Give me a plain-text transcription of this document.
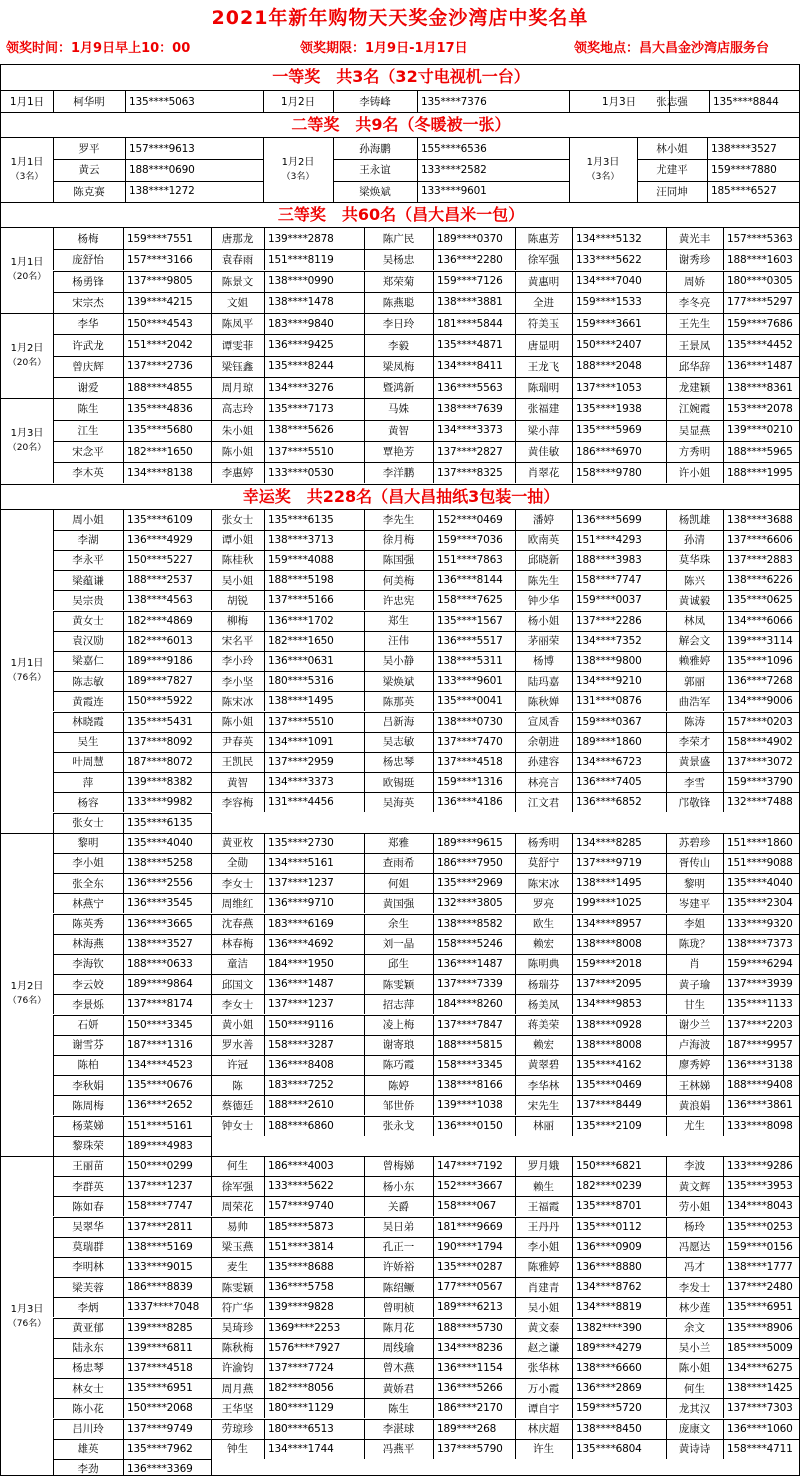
2021年新年购物天天奖金沙湾店中奖名单
领奖时间：1月9日早上10：00	领奖期限：1月9日-1月17日	领奖地点：昌大昌金沙湾店服务台
一等奖　共3名（32寸电视机一台）
1月1日	柯华明	135****5063	1月2日	李铸峰	135****7376	1月3日	张志强	135****8844
二等奖　共9名（冬暖被一张）
1月1日
（3名）
罗平	157****9613
黄云	188****0690
陈克赛	138****1272
1月2日
（3名）
孙海鹏	155****6536
王永谊	133****2582
梁焕斌	133****9601
1月3日
（3名）
林小姐	138****3527
尤建平	159****7880
汪同坤	185****6527
三等奖　共60名（昌大昌米一包）
1月1日
（20名）
杨梅	159****7551	唐那龙	139****2878	陈广民	189****0370	陈惠芳	134****5132	黄光丰	157****5363
庞舒怡	157****3166	袁春雨	151****8119	吴杨忠	136****2280	徐军强	133****5622	谢秀珍	188****1603
杨勇锋	137****9805	陈景文	138****0990	郑荣菊	159****7126	黄惠明	134****7040	周娇	180****0305
宋宗杰	139****4215	文姐	138****1478	陈燕聪	138****3881	全进	159****1533	李冬亮	177****5297
1月2日
（20名）
李华	150****4543	陈凤平	183****9840	李日玲	181****5844	符美玉	159****3661	王先生	159****7686
许武龙	151****2042	谭雯菲	136****9425	李毅	135****4871	唐显明	150****2407	王景凤	135****4452
曾庆辉	137****2736	梁钰鑫	135****8244	梁凤梅	134****8411	王龙飞	188****2048	邱华辞	136****1487
谢爱	188****4855	周月琼	134****3276	暨鸿新	136****5563	陈瑞明	137****1053	龙建颖	138****8361
1月3日
（20名）
陈生	135****4836	高志玲	135****7173	马姝	138****7639	张福建	135****1938	江婉霞	153****2078
江生	135****5680	朱小姐	138****5626	黄智	134****3373	梁小萍	135****5969	吴显燕	139****0210
宋念平	182****1650	陈小姐	137****5510	覃艳芳	137****2827	黄佳敏	186****6970	方秀明	188****5965
李木英	134****8138	李惠婷	133****0530	李洋鹏	137****8325	肖翠花	158****9780	许小姐	188****1995
幸运奖　共228名（昌大昌抽纸3包装一抽）
1月1日
（76名）
周小姐	135****6109	张女士	135****6135	李先生	152****0469	潘婷	136****5699	杨凯雄	138****3688
李湖	136****4929	谭小姐	138****3713	徐月梅	159****7036	欧南英	151****4293	孙清	137****6606
李永平	150****5227	陈桂秋	159****4088	陈国强	151****7863	邱晓新	188****3983	莫华珠	137****2883
梁蕴谦	188****2537	吴小姐	188****5198	何美梅	136****8144	陈先生	158****7747	陈兴	138****6226
吴宗贵	138****4563	胡锐	137****5166	许忠宪	158****7625	钟少华	159****0037	黄诚毅	135****0625
黄女士	182****4869	柳梅	136****1702	郑生	135****1567	杨小姐	137****2286	林凤	134****6066
袁汉励	182****6013	宋名平	182****1650	汪伟	136****5517	茅丽荣	134****7352	解会文	139****3114
梁嘉仁	189****9186	李小玲	136****0631	吴小静	138****5311	杨博	138****9800	赖雅婷	135****1096
陈志敏	189****7827	李小坚	180****5316	梁焕斌	133****9601	陆玛嘉	134****9210	郭丽	136****7268
黄霞连	150****5922	陈宋冰	138****1495	陈那英	135****0041	陈秋婵	131****0876	曲浩军	134****9006
林晓霞	135****5431	陈小姐	137****5510	吕新海	138****0730	宣凤香	159****0367	陈涛	157****0203
吴生	137****8092	尹春英	134****1091	吴志敏	137****7470	余朝进	189****1860	李荣才	158****4902
叶周慧	187****8072	王凯民	137****2959	杨忠琴	137****4518	孙建容	134****6723	黄景盛	137****3072
萍	139****8382	黄智	134****3373	欧锡珽	159****1316	林亮言	136****7405	李雪	159****3790
杨容	133****9982	李容梅	131****4456	吴海英	136****4186	江文君	136****6852	邝敬锋	132****7488
张女士	135****6135
1月2日
（76名）
黎明	135****4040	黄亚枚	135****2730	郑雅	189****9615	杨秀明	134****8285	苏碧珍	151****1860
李小姐	138****5258	全勋	134****5161	查雨希	186****7950	莫舒宁	137****9719	胥传山	151****9088
张全东	136****2556	李女士	137****1237	何姐	135****2969	陈宋冰	138****1495	黎明	135****4040
林燕宁	136****3545	周维红	136****9710	黄国强	132****3805	罗亮	199****1025	岑建平	135****2304
陈英秀	136****3665	沈春燕	183****6169	余生	138****8582	欧生	134****8957	李姐	133****9320
林海燕	138****3527	林春梅	136****4692	刘一晶	158****5246	赖宏	138****8008	陈珑？	138****7373
李海钦	188****0633	童洁	184****1950	邱生	136****1487	陈明典	159****2018	肖	159****6294
李云姣	189****9864	邱国文	136****1487	陈雯颖	137****7339	杨瑞芬	137****2095	黄子瑜	137****3939
李景烁	137****8174	李女士	137****1237	招志萍	184****8260	杨美凤	134****9853	甘生	135****1133
石妍	150****3345	黄小姐	150****9116	凌上梅	137****7847	蒋美荣	138****0928	谢少兰	137****2203
谢雪芬	187****1316	罗水善	158****3287	谢寄琅	188****5815	赖宏	138****8008	卢海波	187****9957
陈柏	134****4523	许冠	136****8408	陈巧霞	158****3345	黄翠碧	135****4162	廖秀婷	136****3138
李秋娟	135****0676	陈	183****7252	陈婷	138****8166	李华林	135****0469	王林娣	188****9408
陈周梅	136****2652	蔡德廷	188****2610	邹世侨	139****1038	宋先生	137****8449	黄浪娟	136****3861
杨菜娣	151****5161	钟女士	188****6860	张永戈	136****0150	林丽	135****2109	尤生	133****8098
黎珠荣	189****4983
1月3日
（76名）
王丽苗	150****0299	何生	186****4003	曾梅娣	147****7192	罗月娥	150****6821	李波	133****9286
李群英	137****1237	徐军强	133****5622	杨小东	152****3667	赖生	182****0239	黄文辉	135****3953
陈如春	158****7747	周荣花	157****9740	关爵	158****067	王福霞	135****8701	劳小姐	134****8043
吴翠华	137****2811	易帅	185****5873	吴日弟	181****9669	王丹丹	135****0112	杨玲	135****0253
莫瑞群	138****5169	梁玉燕	151****3814	孔正一	190****1794	李小姐	136****0909	冯愿达	159****0156
李明林	133****9015	麦生	135****8688	许娇裕	135****0287	陈雅婷	136****8880	冯才	138****1777
梁芙蓉	186****8839	陈雯颖	136****5758	陈绍鳜	177****0567	肖建青	134****8762	李发士	137****2480
李炳	1337****7048	符广华	139****9828	曾明桢	189****6213	吴小姐	134****8819	林少莲	135****6951
黄亚郁	139****8285	吴琦珍	1369****2253	陈月花	188****5730	黄文泰	1382****390	余文	135****8906
陆永东	139****6811	陈秋梅	1576****7927	周线瑜	134****8236	赵之谦	189****4279	吴小兰	185****5009
杨忠琴	137****4518	许渝钧	137****7724	曾木燕	136****1154	张华林	138****6660	陈小姐	134****6275
林女士	135****6951	周月燕	182****8056	黄娇君	136****5266	万小霞	136****2869	何生	138****1425
陈小花	150****2068	王华坚	180****1129	陈生	186****2170	谭自宇	159****5720	龙其汉	137****7303
吕川玲	137****9749	劳琼珍	180****6513	李湛球	189****268	林庆超	138****8450	庞康文	136****1060
雄英	135****7962	钟生	134****1744	冯燕平	137****5790	许生	135****6804	黄诗诗	158****4711
李劲	136****3369
